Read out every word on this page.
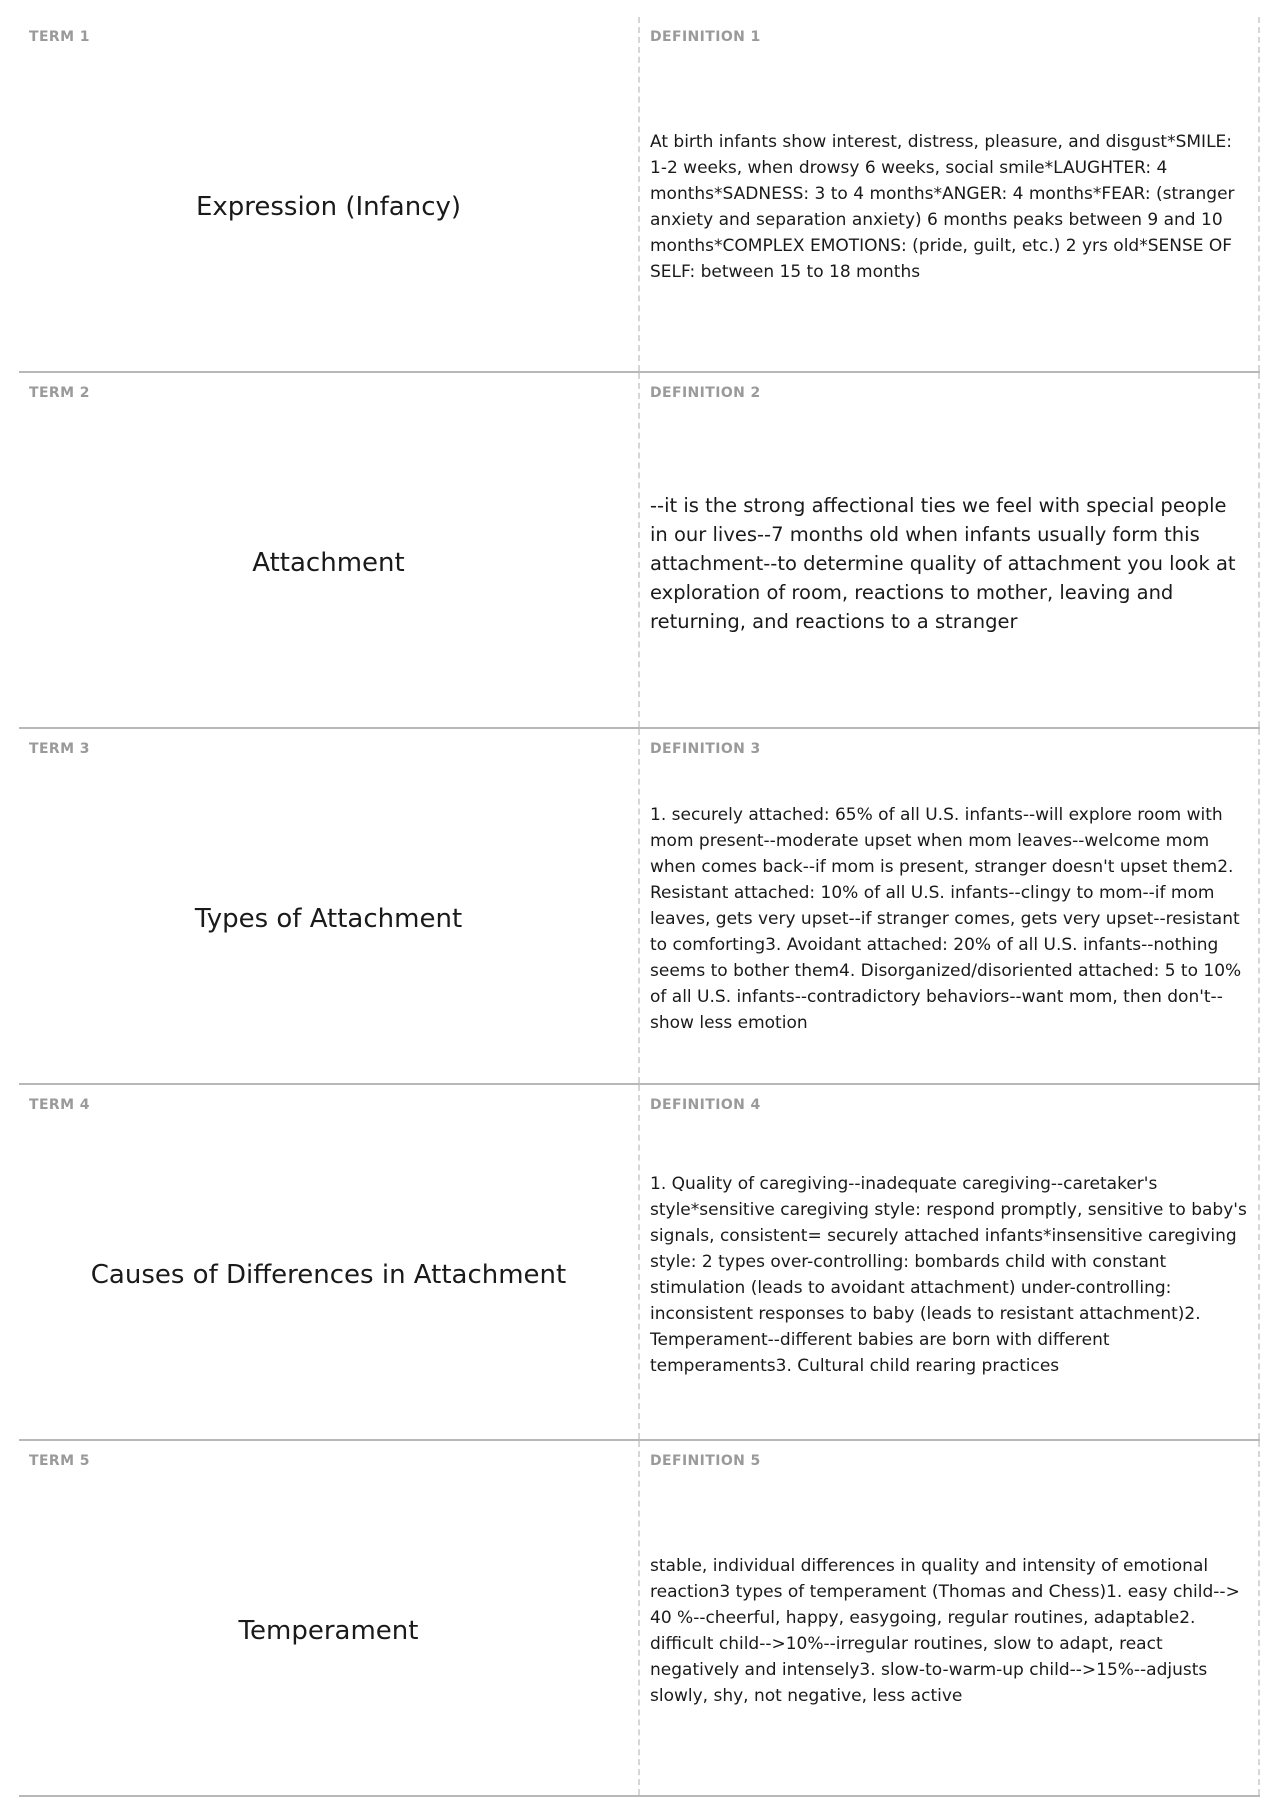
TERM 1
Expression (Infancy)
DEFINITION 1
At birth infants show interest, distress, pleasure, and disgust*SMILE: 1-2 weeks, when drowsy 6 weeks, social smile*LAUGHTER: 4 months*SADNESS: 3 to 4 months*ANGER: 4 months*FEAR: (stranger anxiety and separation anxiety) 6 months peaks between 9 and 10 months*COMPLEX EMOTIONS: (pride, guilt, etc.) 2 yrs old*SENSE OF SELF: between 15 to 18 months
TERM 2
Attachment
DEFINITION 2
--it is the strong affectional ties we feel with special people in our lives--7 months old when infants usually form this attachment--to determine quality of attachment you look at exploration of room, reactions to mother, leaving and returning, and reactions to a stranger
TERM 3
Types of Attachment
DEFINITION 3
1. securely attached: 65% of all U.S. infants--will explore room with mom present--moderate upset when mom leaves--welcome mom when comes back--if mom is present, stranger doesn't upset them2. Resistant attached: 10% of all U.S. infants--clingy to mom--if mom leaves, gets very upset--if stranger comes, gets very upset--resistant to comforting3. Avoidant attached: 20% of all U.S. infants--nothing seems to bother them4. Disorganized/disoriented attached: 5 to 10% of all U.S. infants--contradictory behaviors--want mom, then don't--show less emotion
TERM 4
Causes of Differences in Attachment
DEFINITION 4
1. Quality of caregiving--inadequate caregiving--caretaker's style*sensitive caregiving style: respond promptly, sensitive to baby's signals, consistent= securely attached infants*insensitive caregiving style: 2 types over-controlling: bombards child with constant stimulation (leads to avoidant attachment) under-controlling: inconsistent responses to baby (leads to resistant attachment)2. Temperament--different babies are born with different temperaments3. Cultural child rearing practices
TERM 5
Temperament
DEFINITION 5
stable, individual differences in quality and intensity of emotional reaction3 types of temperament (Thomas and Chess)1. easy child--> 40 %--cheerful, happy, easygoing, regular routines, adaptable2. difficult child-->10%--irregular routines, slow to adapt, react negatively and intensely3. slow-to-warm-up child-->15%--adjusts slowly, shy, not negative, less active
